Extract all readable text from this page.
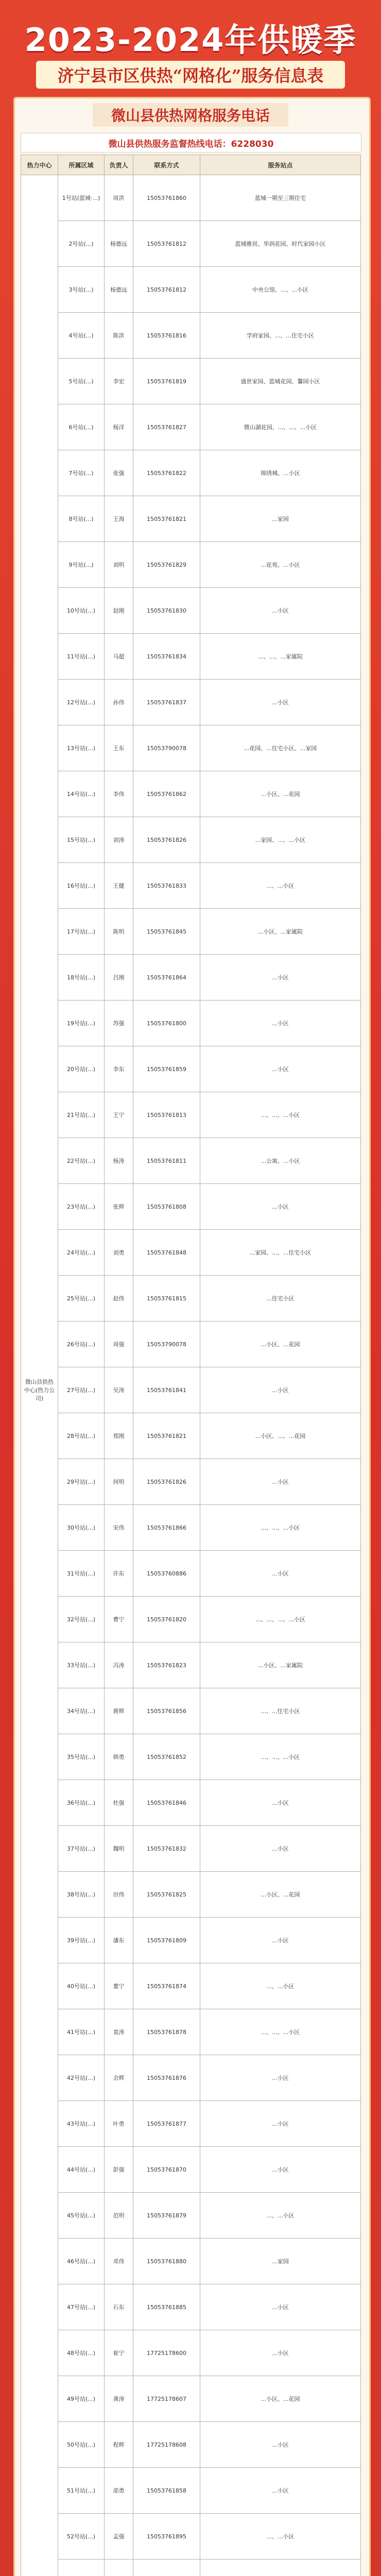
2023-2024年供暖季
济宁县市区供热“网格化”服务信息表
微山县供热网格服务电话
微山县供热服务监督热线电话：6228030
热力中心	所属区域	负责人	联系方式	服务站点
微山县供热中心(热力公司)	1号站(蓝城·...)	周洪	15053761860	蓝城一期至三期住宅
	2号站(...)	杨德远	15053761812	蓝城雅居、华润花园、时代家园小区
	3号站(...)	杨德远	15053761812	中央公馆、...、...小区
	4号站(...)	陈洪	15053761816	学府家园、...、...住宅小区
	5号站(...)	李宏	15053761819	盛世家园、蓝城花园、馨园小区
	6号站(...)	杨洋	15053761827	微山湖花园、...、...、...小区
	7号站(...)	张强	15053761822	锦绣城、...小区
	8号站(...)	王海	15053761821	...家园
	9号站(...)	刘明	15053761829	...花苑、...小区
	10号站(...)	赵刚	15053761830	...小区
	11号站(...)	马超	15053761834	...、...、...家属院
	12号站(...)	孙伟	15053761837	...小区
	13号站(...)	王东	15053790078	...花园、...住宅小区、...家园
	14号站(...)	李伟	15053761862	...小区、...花园
	15号站(...)	刘涛	15053761826	...家园、...、...小区
	16号站(...)	王健	15053761833	...、...小区
	17号站(...)	陈明	15053761845	...小区、...家属院
	18号站(...)	吕刚	15053761864	...小区
	19号站(...)	苏强	15053761800	...小区
	20号站(...)	李东	15053761859	...小区
	21号站(...)	王宁	15053761813	...、...、...小区
	22号站(...)	杨涛	15053761811	...公寓、...小区
	23号站(...)	张辉	15053761808	...小区
	24号站(...)	刘勇	15053761848	...家园、...、...住宅小区
	25号站(...)	赵伟	15053761815	...住宅小区
	26号站(...)	周强	15053790078	...小区、...花园
	27号站(...)	吴涛	15053761841	...小区
	28号站(...)	郑刚	15053761821	...小区、...、...花园
	29号站(...)	何明	15053761826	...小区
	30号站(...)	宋伟	15053761866	...、...、...小区
	31号站(...)	许东	15053760886	...小区
	32号站(...)	曹宁	15053761820	...、...、...、...小区
	33号站(...)	冯涛	15053761823	...小区、...家属院
	34号站(...)	蒋辉	15053761856	...、...住宅小区
	35号站(...)	韩勇	15053761852	...、...、...小区
	36号站(...)	杜强	15053761846	...小区
	37号站(...)	魏明	15053761832	...小区
	38号站(...)	田伟	15053761825	...小区、...花园
	39号站(...)	潘东	15053761809	...小区
	40号站(...)	董宁	15053761874	...、...小区
	41号站(...)	袁涛	15053761878	...、...、...小区
	42号站(...)	余辉	15053761876	...小区
	43号站(...)	叶勇	15053761877	...小区
	44号站(...)	彭强	15053761870	...小区
	45号站(...)	范明	15053761879	...、...小区
	46号站(...)	邓伟	15053761880	...家园
	47号站(...)	石东	15053761885	...小区
	48号站(...)	崔宁	17725178600	...小区
	49号站(...)	龚涛	17725178607	...小区、...花园
	50号站(...)	程辉	17725178608	...小区
	51号站(...)	邵勇	15053761858	...小区
	52号站(...)	孟强	15053761895	...、...小区
